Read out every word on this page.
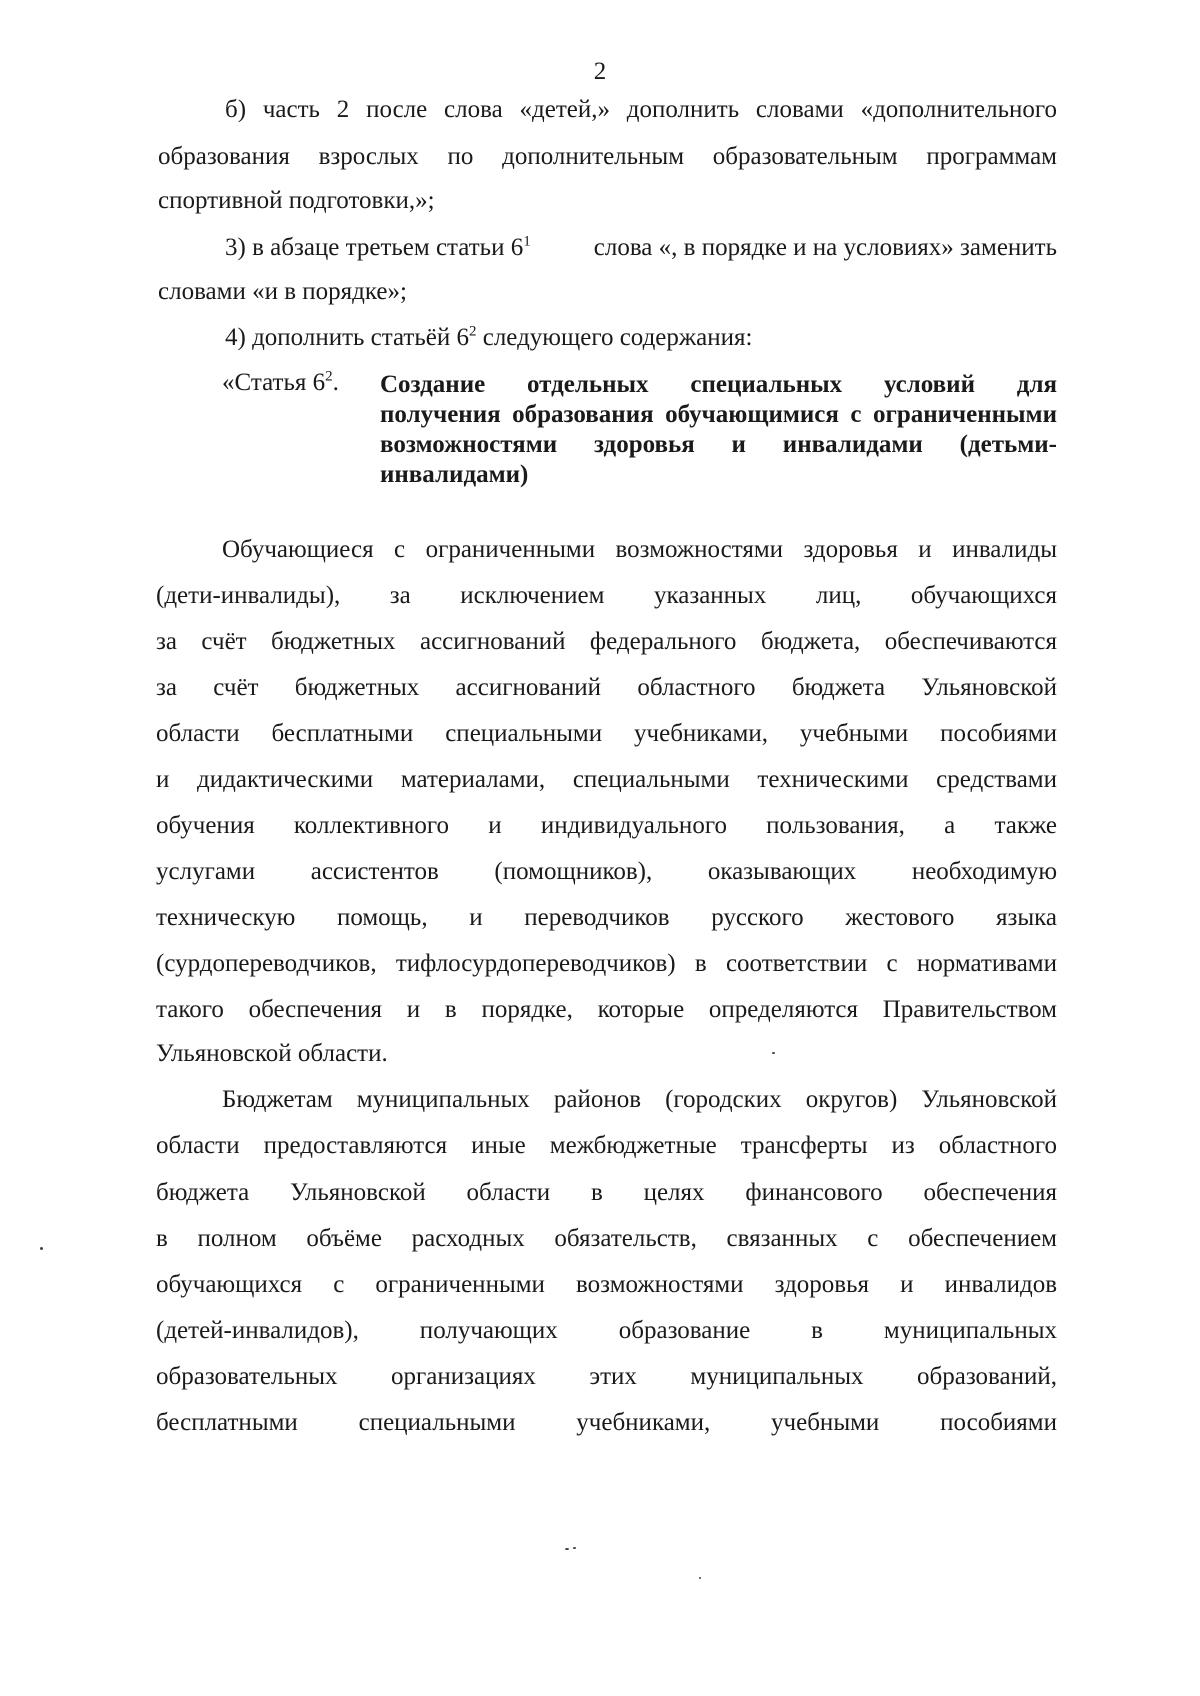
2

б) часть 2 после слова «детей,» дополнить словами «дополнительного

образования взрослых по дополнительным образовательным программам

спортивной подготовки,»;

3) в абзаце третьем статьи $6^1$ слова «, в порядке и на условиях» заменить

словами «и в порядке»;

4) дополнить статьёй $6^2$ следующего содержания:

«Статья $6^2$. Создание отдельных специальных условий для

получения образования обучающимися с ограниченными

возможностями здоровья и инвалидами (детьми-

инвалидами)

Обучающиеся с ограниченными возможностями здоровья и инвалиды

(дети-инвалиды), за исключением указанных лиц, обучающихся

за счёт бюджетных ассигнований федерального бюджета, обеспечиваются

за счёт бюджетных ассигнований областного бюджета Ульяновской

области бесплатными специальными учебниками, учебными пособиями

и дидактическими материалами, специальными техническими средствами

обучения коллективного и индивидуального пользования, а также

услугами ассистентов (помощников), оказывающих необходимую

техническую помощь, и переводчиков русского жестового языка

(сурдопереводчиков, тифлосурдопереводчиков) в соответствии с нормативами

такого обеспечения и в порядке, которые определяются Правительством

Ульяновской области.

Бюджетам муниципальных районов (городских округов) Ульяновской

области предоставляются иные межбюджетные трансферты из областного

бюджета Ульяновской области в целях финансового обеспечения

в полном объёме расходных обязательств, связанных с обеспечением

обучающихся с ограниченными возможностями здоровья и инвалидов

(детей-инвалидов), получающих образование в муниципальных

образовательных организациях этих муниципальных образований,

бесплатными специальными учебниками, учебными пособиями
